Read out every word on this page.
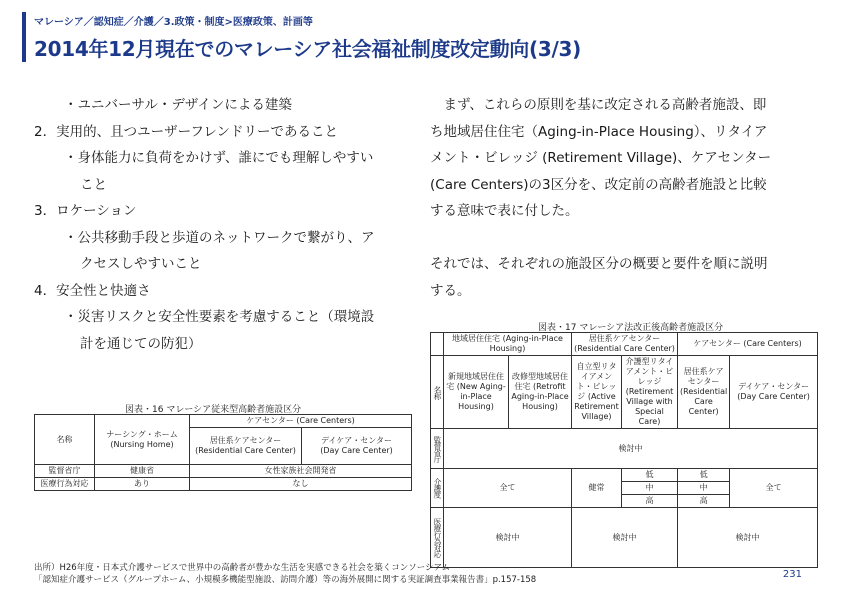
マレーシア／認知症／介護／3.政策・制度>医療政策、計画等
2014年12月現在でのマレーシア社会福祉制度改定動向(3/3)
・ユニバーサル・デザインによる建築
2．実用的、且つユーザーフレンドリーであること
・身体能力に負荷をかけず、誰にでも理解しやすい
こと
3．ロケーション
・公共移動手段と歩道のネットワークで繋がり、ア
クセスしやすいこと
4．安全性と快適さ
・災害リスクと安全性要素を考慮すること（環境設
計を通じての防犯）
　まず、これらの原則を基に改定される高齢者施設、即
ち地域居住住宅（Aging-in-Place Housing）、リタイア
メント・ビレッジ (Retirement Village)、ケアセンター
(Care Centers)の3区分を、改定前の高齢者施設と比較
する意味で表に付した。

それでは、それぞれの施設区分の概要と要件を順に説明
する。
図表・16 マレーシア従来型高齢者施設区分
名称	ナーシング・ホーム
(Nursing Home)	ケアセンター (Care Centers)	
		居住系ケアセンター
(Residential Care Center)	デイケア・センター
(Day Care Center)
監督省庁	健康省	女性家族社会開発省	
医療行為対応	あり	なし	
図表・17 マレーシア法改正後高齢者施設区分
	地域居住住宅 (Aging-in-Place Housing)		居住系ケアセンター (Residential Care Center)		ケアセンター (Care Centers)	
名称	新規地域居住住宅 (New Aging-in-Place Housing)	改修型地域居住住宅 (Retrofit Aging-in-Place Housing)	自立型リタイアメント・ビレッジ (Active Retirement Village)	介護型リタイアメント・ビレッジ (Retirement Village with Special Care)	居住系ケアセンター (Residential Care Center)	デイケア・センター (Day Care Center)
監督省庁	検討中					
介護度	全て		健常	低	低	全て
				中	中	
				高	高	
医療行為対応	検討中		検討中		検討中	
出所）H26年度・日本式介護サービスで世界中の高齢者が豊かな生活を実感できる社会を築くコンソーシアム
「認知症介護サービス（グループホーム、小規模多機能型施設、訪問介護）等の海外展開に関する実証調査事業報告書」p.157-158	231
